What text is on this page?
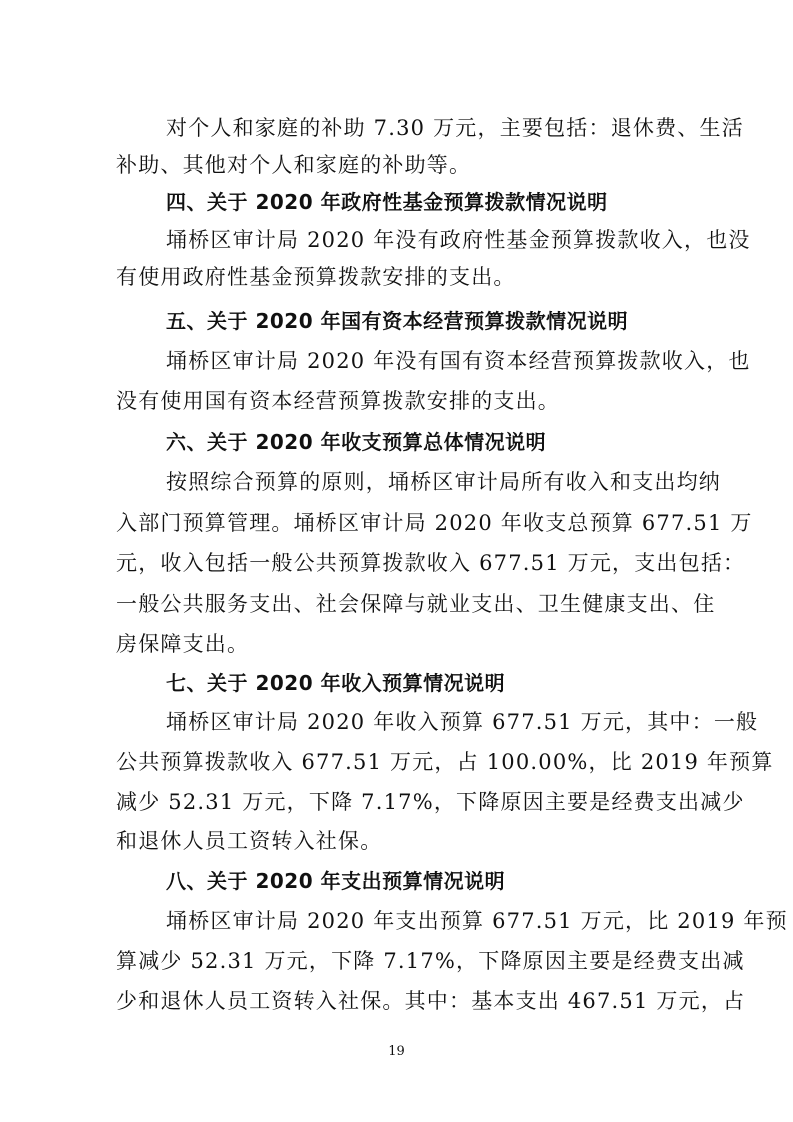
对个人和家庭的补助 7.30 万元，主要包括：退休费、生活
补助、其他对个人和家庭的补助等。
四、关于 2020 年政府性基金预算拨款情况说明
埇桥区审计局 2020 年没有政府性基金预算拨款收入，也没
有使用政府性基金预算拨款安排的支出。
五、关于 2020 年国有资本经营预算拨款情况说明
埇桥区审计局 2020 年没有国有资本经营预算拨款收入，也
没有使用国有资本经营预算拨款安排的支出。
六、关于 2020 年收支预算总体情况说明
按照综合预算的原则，埇桥区审计局所有收入和支出均纳
入部门预算管理。埇桥区审计局 2020 年收支总预算 677.51 万
元，收入包括一般公共预算拨款收入 677.51 万元，支出包括：
一般公共服务支出、社会保障与就业支出、卫生健康支出、住
房保障支出。
七、关于 2020 年收入预算情况说明
埇桥区审计局 2020 年收入预算 677.51 万元，其中：一般
公共预算拨款收入 677.51 万元，占 100.00%，比 2019 年预算
减少 52.31 万元，下降 7.17%，下降原因主要是经费支出减少
和退休人员工资转入社保。
八、关于 2020 年支出预算情况说明
埇桥区审计局 2020 年支出预算 677.51 万元，比 2019 年预
算减少 52.31 万元，下降 7.17%，下降原因主要是经费支出减
少和退休人员工资转入社保。其中：基本支出 467.51 万元，占
19
